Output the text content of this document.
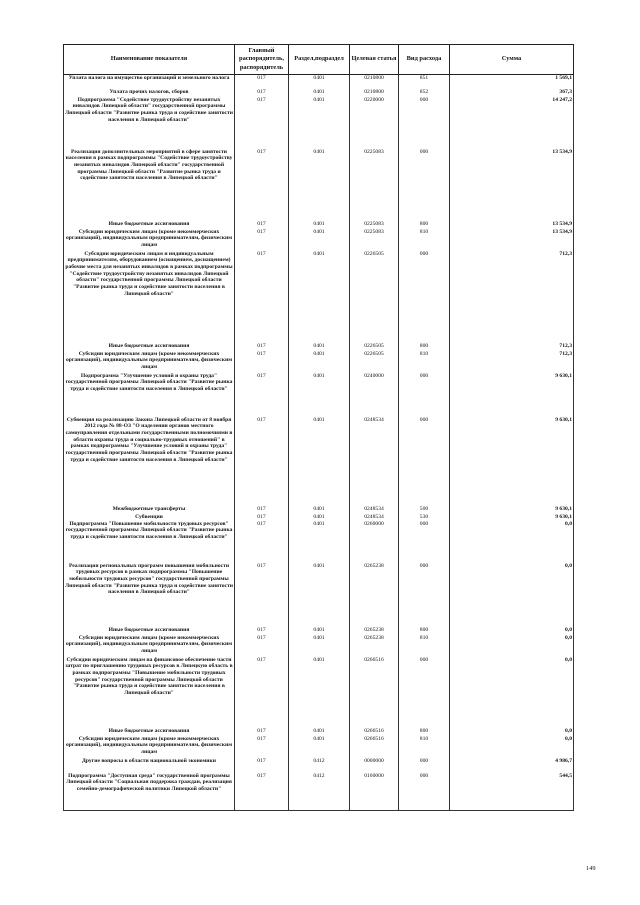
Наименование показателя	Главный распорядитель, распорядитель	Раздел,подраздел	Целевая статья	Вид расхода	Сумма
Уплата налога на имущество организаций и земельного налога	017	0401	0210800	851	1 569,1
Уплата прочих налогов, сборов	017	0401	0210800	852	367,3
Подпрограмма "Содействие трудоустройству незанятых инвалидов Липецкой области" государственной программы Липецкой области "Развитие рынка труда и содействие занятости населения в Липецкой области"	017	0401	0220000	000	14 247,2
Реализация дополнительных мероприятий в сфере занятости населения в рамках подпрограммы "Содействие трудоустройству незанятых инвалидов Липецкой области" государственной программы Липецкой области "Развитие рынка труда и содействие занятости населения в Липецкой области"	017	0401	0225083	000	13 534,9
Иные бюджетные ассигнования	017	0401	0225083	800	13 534,9
Субсидии юридическим лицам (кроме некоммерческих организаций), индивидуальным предпринимателям, физическим лицам	017	0401	0225083	810	13 534,9
Субсидии юридическим лицам и индивидуальным предпринимателям, оборудованием (оснащением, доснащением) рабочие места для незанятых инвалидов в рамках подпрограммы "Содействие трудоустройству незанятых инвалидов Липецкой области" государственной программы Липецкой области "Развитие рынка труда и содействие занятости населения в Липецкой области"	017	0401	0226505	000	712,3
Иные бюджетные ассигнования	017	0401	0226505	800	712,3
Субсидии юридическим лицам (кроме некоммерческих организаций), индивидуальным предпринимателям, физическим лицам	017	0401	0226505	810	712,3
Подпрограмма "Улучшение условий и охраны труда" государственной программы Липецкой области "Развитие рынка труда и содействие занятости населения в Липецкой области"	017	0401	0240000	000	9 630,1
Субвенция на реализацию Закона Липецкой области от 8 ноября 2012 года № 88-ОЗ "О наделении органов местного самоуправления отдельными государственными полномочиями в области охраны труда и социально-трудовых отношений" в рамках подпрограммы "Улучшение условий и охраны труда" государственной программы Липецкой области "Развитие рынка труда и содействие занятости населения в Липецкой области"	017	0401	0248534	000	9 630,1
Межбюджетные трансферты	017	0401	0248534	500	9 630,1
Субвенции	017	0401	0248534	530	9 630,1
Подпрограмма "Повышение мобильности трудовых ресурсов" государственной программы Липецкой области "Развитие рынка труда и содействие занятости населения в Липецкой области"	017	0401	0260000	000	0,0
Реализация региональных программ повышения мобильности трудовых ресурсов в рамках подпрограммы "Повышение мобильности трудовых ресурсов" государственной программы Липецкой области "Развитие рынка труда и содействие занятости населения в Липецкой области"	017	0401	0265238	000	0,0
Иные бюджетные ассигнования	017	0401	0265238	800	0,0
Субсидии юридическим лицам (кроме некоммерческих организаций), индивидуальным предпринимателям, физическим лицам	017	0401	0265238	810	0,0
Субсидии юридическим лицам на финансовое обеспечение части затрат по приглашению трудовых ресурсов в Липецкую область в рамках подпрограммы "Повышение мобильности трудовых ресурсов" государственной программы Липецкой области "Развитие рынка труда и содействие занятости населения в Липецкой области"	017	0401	0266516	000	0,0
Иные бюджетные ассигнования	017	0401	0266516	800	0,0
Субсидии юридическим лицам (кроме некоммерческих организаций), индивидуальным предпринимателям, физическим лицам	017	0401	0266516	810	0,0
Другие вопросы в области национальной экономики	017	0412	0000000	000	4 986,7
Подпрограмма "Доступная среда" государственной программы Липецкой области "Социальная поддержка граждан, реализация семейно-демографической политики Липецкой области"	017	0412	0160000	000	544,5
149
